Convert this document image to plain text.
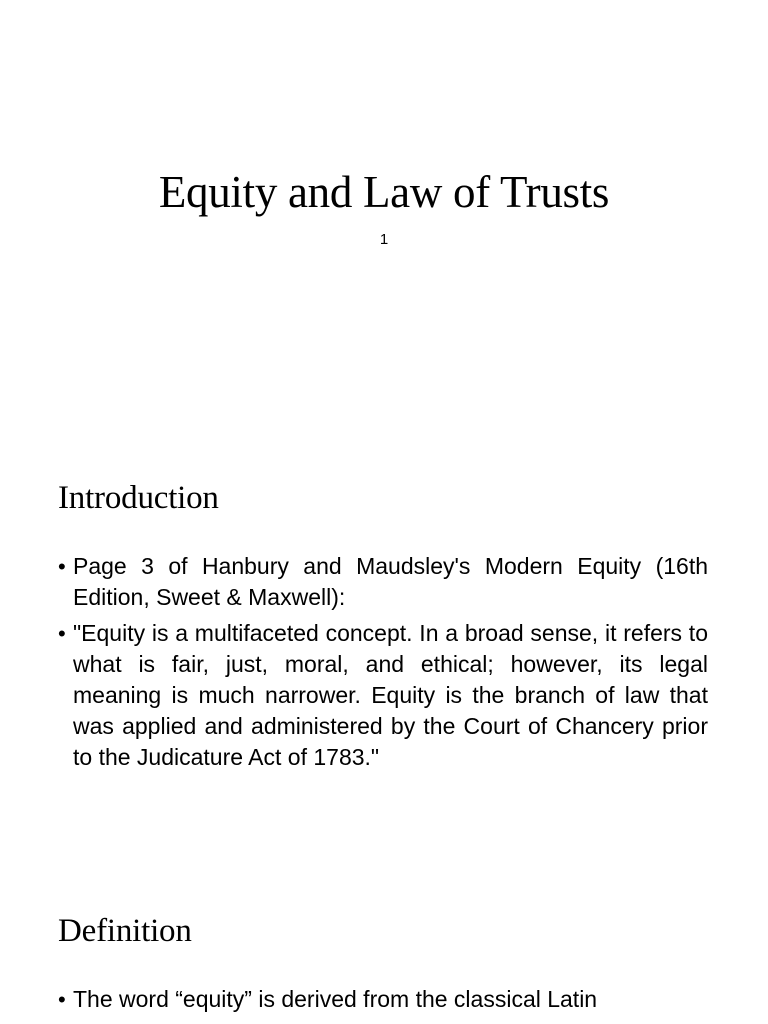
Equity and Law of Trusts
1
Introduction
• Page 3 of Hanbury and Maudsley's Modern Equity (16th Edition, Sweet & Maxwell):
• "Equity is a multifaceted concept. In a broad sense, it refers to what is fair, just, moral, and ethical; however, its legal meaning is much narrower. Equity is the branch of law that was applied and administered by the Court of Chancery prior to the Judicature Act of 1783."
Definition
• The word “equity” is derived from the classical Latin
